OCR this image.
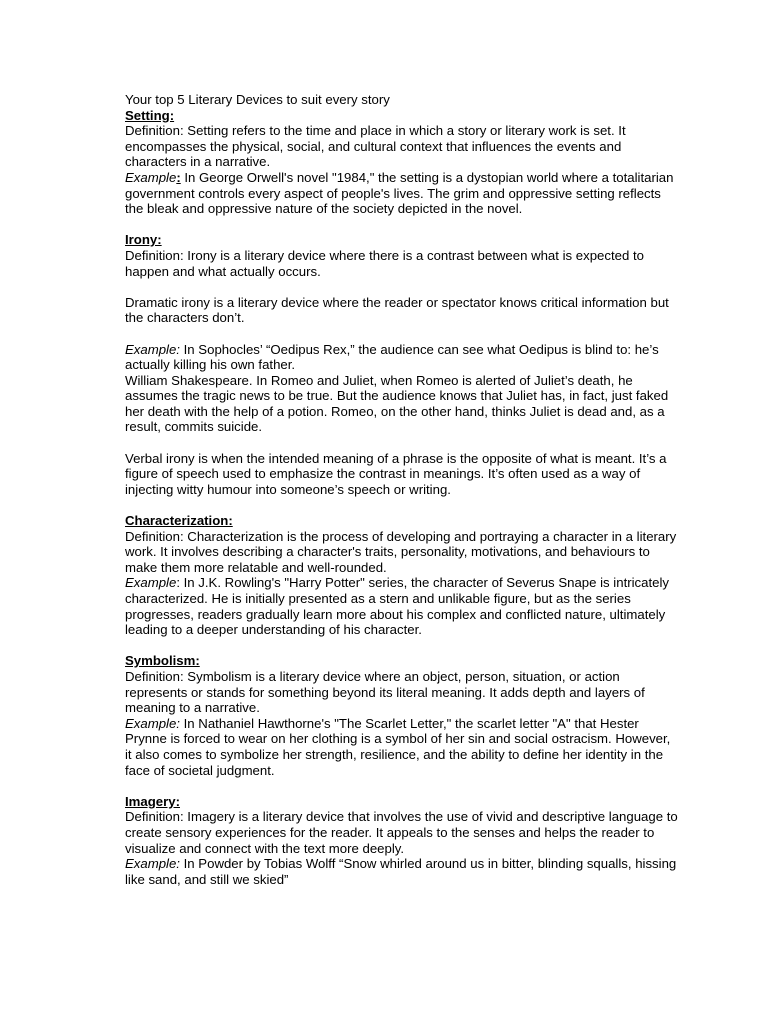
Your top 5 Literary Devices to suit every story

Setting:

Definition: Setting refers to the time and place in which a story or literary work is set. It encompasses the physical, social, and cultural context that influences the events and characters in a narrative.

Example: In George Orwell's novel "1984," the setting is a dystopian world where a totalitarian government controls every aspect of people's lives. The grim and oppressive setting reflects the bleak and oppressive nature of the society depicted in the novel.

Irony:

Definition: Irony is a literary device where there is a contrast between what is expected to happen and what actually occurs.

Dramatic irony is a literary device where the reader or spectator knows critical information but the characters don’t.

Example: In Sophocles’ “Oedipus Rex,” the audience can see what Oedipus is blind to: he’s actually killing his own father.

William Shakespeare. In Romeo and Juliet, when Romeo is alerted of Juliet’s death, he assumes the tragic news to be true. But the audience knows that Juliet has, in fact, just faked her death with the help of a potion. Romeo, on the other hand, thinks Juliet is dead and, as a result, commits suicide.

Verbal irony is when the intended meaning of a phrase is the opposite of what is meant. It’s a figure of speech used to emphasize the contrast in meanings. It’s often used as a way of injecting witty humour into someone’s speech or writing.

Characterization:

Definition: Characterization is the process of developing and portraying a character in a literary work. It involves describing a character's traits, personality, motivations, and behaviours to make them more relatable and well-rounded.

Example: In J.K. Rowling's "Harry Potter" series, the character of Severus Snape is intricately characterized. He is initially presented as a stern and unlikable figure, but as the series progresses, readers gradually learn more about his complex and conflicted nature, ultimately leading to a deeper understanding of his character.

Symbolism:

Definition: Symbolism is a literary device where an object, person, situation, or action represents or stands for something beyond its literal meaning. It adds depth and layers of meaning to a narrative.

Example: In Nathaniel Hawthorne's "The Scarlet Letter," the scarlet letter "A" that Hester Prynne is forced to wear on her clothing is a symbol of her sin and social ostracism. However, it also comes to symbolize her strength, resilience, and the ability to define her identity in the face of societal judgment.

Imagery:

Definition: Imagery is a literary device that involves the use of vivid and descriptive language to create sensory experiences for the reader. It appeals to the senses and helps the reader to visualize and connect with the text more deeply.

Example: In Powder by Tobias Wolff “Snow whirled around us in bitter, blinding squalls, hissing like sand, and still we skied”
